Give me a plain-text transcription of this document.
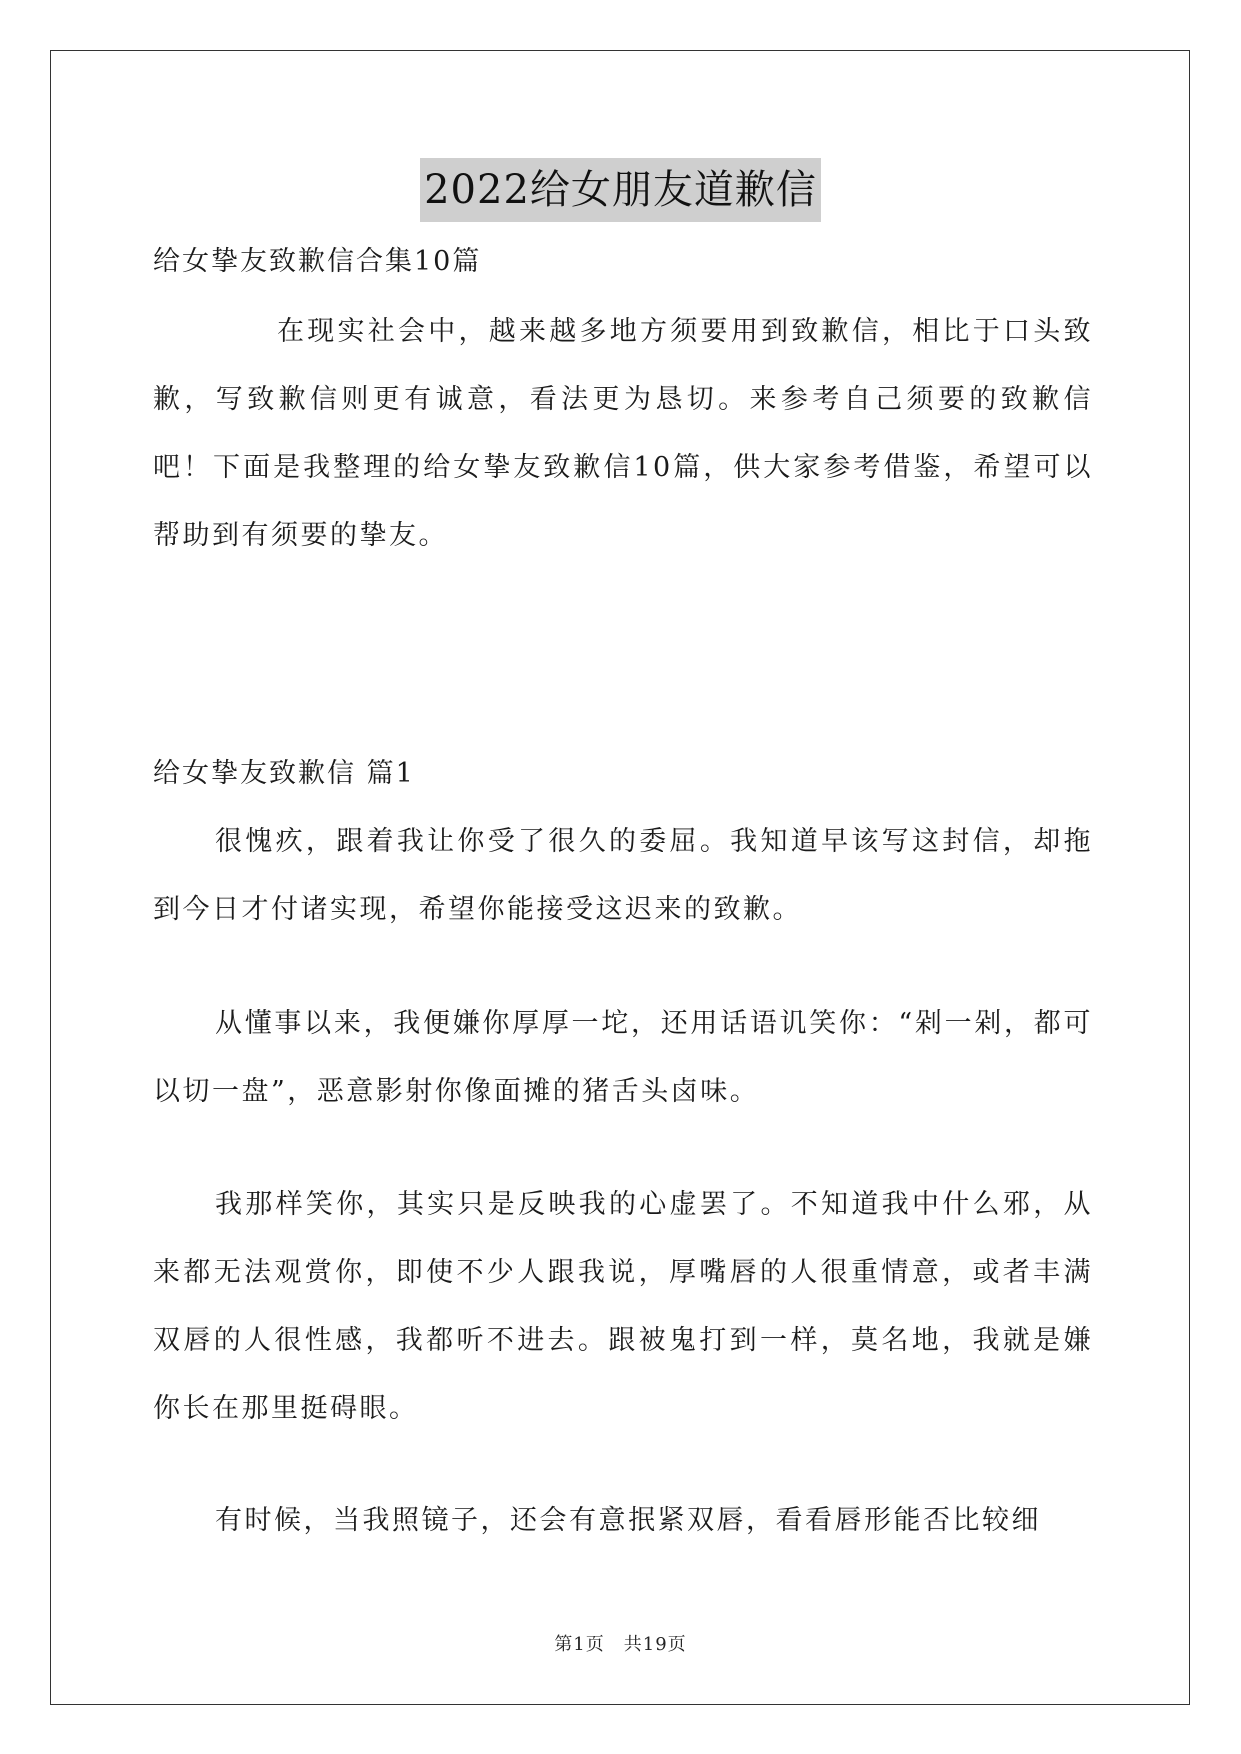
2022给女朋友道歉信

给女挚友致歉信合集10篇

在现实社会中，越来越多地方须要用到致歉信，相比于口头致歉，写致歉信则更有诚意，看法更为恳切。来参考自己须要的致歉信吧！下面是我整理的给女挚友致歉信10篇，供大家参考借鉴，希望可以帮助到有须要的挚友。

给女挚友致歉信 篇1

很愧疚，跟着我让你受了很久的委屈。我知道早该写这封信，却拖到今日才付诸实现，希望你能接受这迟来的致歉。

从懂事以来，我便嫌你厚厚一坨，还用话语讥笑你：“剁一剁，都可以切一盘”，恶意影射你像面摊的猪舌头卤味。

我那样笑你，其实只是反映我的心虚罢了。不知道我中什么邪，从来都无法观赏你，即使不少人跟我说，厚嘴唇的人很重情意，或者丰满双唇的人很性感，我都听不进去。跟被鬼打到一样，莫名地，我就是嫌你长在那里挺碍眼。

有时候，当我照镜子，还会有意抿紧双唇，看看唇形能否比较细

第1页　共19页
